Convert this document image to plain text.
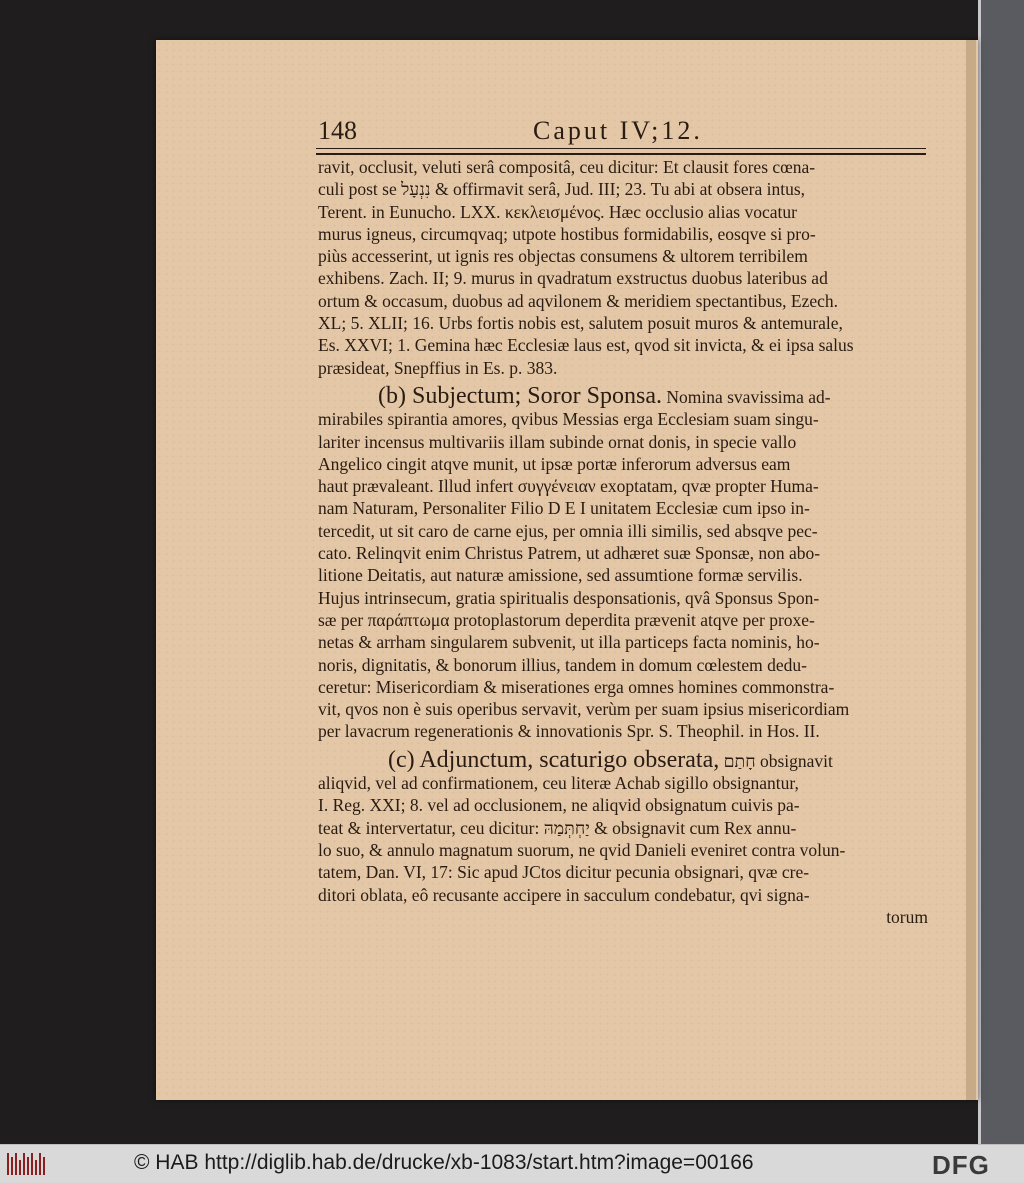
148	Caput IV;12.
ravit, occlusit, veluti serâ compositâ, ceu dicitur: Et clausit fores cœna-
culi post se נִנְעָל & offirmavit serâ, Jud. III; 23. Tu abi at obsera intus,
Terent. in Eunucho. LXX. κεκλεισμένος. Hæc occlusio alias vocatur
murus igneus, circumqvaq; utpote hostibus formidabilis, eosqve si pro-
piùs accesserint, ut ignis res objectas consumens & ultorem terribilem
exhibens. Zach. II; 9. murus in qvadratum exstructus duobus lateribus ad
ortum & occasum, duobus ad aqvilonem & meridiem spectantibus, Ezech.
XL; 5. XLII; 16. Urbs fortis nobis est, salutem posuit muros & antemurale,
Es. XXVI; 1. Gemina hæc Ecclesiæ laus est, qvod sit invicta, & ei ipsa salus
præsideat, Snepffius in Es. p. 383.
(b) Subjectum; Soror Sponsa. Nomina svavissima ad-
mirabiles spirantia amores, qvibus Messias erga Ecclesiam suam singu-
lariter incensus multivariis illam subinde ornat donis, in specie vallo
Angelico cingit atqve munit, ut ipsæ portæ inferorum adversus eam
haut prævaleant. Illud infert συγγένειαν exoptatam, qvæ propter Huma-
nam Naturam, Personaliter Filio D E I unitatem Ecclesiæ cum ipso in-
tercedit, ut sit caro de carne ejus, per omnia illi similis, sed absqve pec-
cato. Relinqvit enim Christus Patrem, ut adhæret suæ Sponsæ, non abo-
litione Deitatis, aut naturæ amissione, sed assumtione formæ servilis.
Hujus intrinsecum, gratia spiritualis desponsationis, qvâ Sponsus Spon-
sæ per παράπτωμα protoplastorum deperdita prævenit atqve per proxe-
netas & arrham singularem subvenit, ut illa particeps facta nominis, ho-
noris, dignitatis, & bonorum illius, tandem in domum cœlestem dedu-
ceretur: Misericordiam & miserationes erga omnes homines commonstra-
vit, qvos non è suis operibus servavit, verùm per suam ipsius misericordiam
per lavacrum regenerationis & innovationis Spr. S. Theophil. in Hos. II.
(c) Adjunctum, scaturigo obserata, חָתַם obsignavit
aliqvid, vel ad confirmationem, ceu literæ Achab sigillo obsignantur,
I. Reg. XXI; 8. vel ad occlusionem, ne aliqvid obsignatum cuivis pa-
teat & intervertatur, ceu dicitur: יַחְתְּמַהּ & obsignavit cum Rex annu-
lo suo, & annulo magnatum suorum, ne qvid Danieli eveniret contra volun-
tatem, Dan. VI, 17: Sic apud JCtos dicitur pecunia obsignari, qvæ cre-
ditori oblata, eô recusante accipere in sacculum condebatur, qvi signa-
torum
© HAB http://diglib.hab.de/drucke/xb-1083/start.htm?image=00166	DFG
